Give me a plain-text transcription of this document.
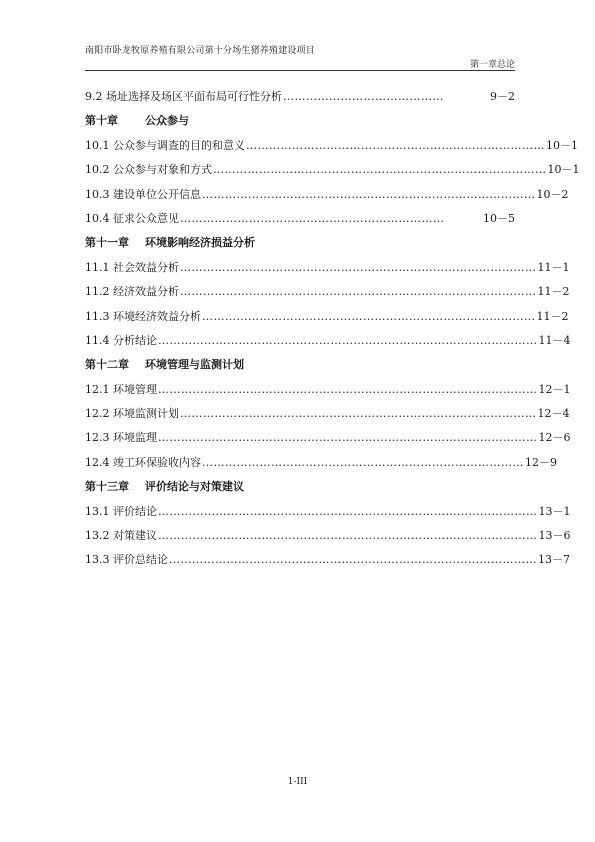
南阳市卧龙牧原养殖有限公司第十分场生猪养殖建设项目
第一章总论
9.2 场址选择及场区平面布局可行性分析 ……………………………………	9－2
第十章 公众参与
10.1 公众参与调查的目的和意义 …………………………………………………………………… 10－1
10.2 公众参与对象和方式 …………………………………………………………………………… 10－1
10.3 建设单位公开信息 …………………………………………………………………………… 10－2
10.4 征求公众意见 ……………………………………………………………	10－5
第十一章 环境影响经济损益分析
11.1 社会效益分析 ………………………………………………………………………………… 11－1
11.2 经济效益分析 ………………………………………………………………………………… 11－2
11.3 环境经济效益分析 …………………………………………………………………………… 11－2
11.4 分析结论 ……………………………………………………………………………………… 11－4
第十二章 环境管理与监测计划
12.1 环境管理 ……………………………………………………………………………………… 12－1
12.2 环境监测计划 ………………………………………………………………………………… 12－4
12.3 环境监理 ……………………………………………………………………………………… 12－6
12.4 竣工环保验收内容 ………………………………………………………………………… 12－9
第十三章 评价结论与对策建议
13.1 评价结论 ……………………………………………………………………………………… 13－1
13.2 对策建议 ……………………………………………………………………………………… 13－6
13.3 评价总结论 …………………………………………………………………………………… 13－7
1-III
